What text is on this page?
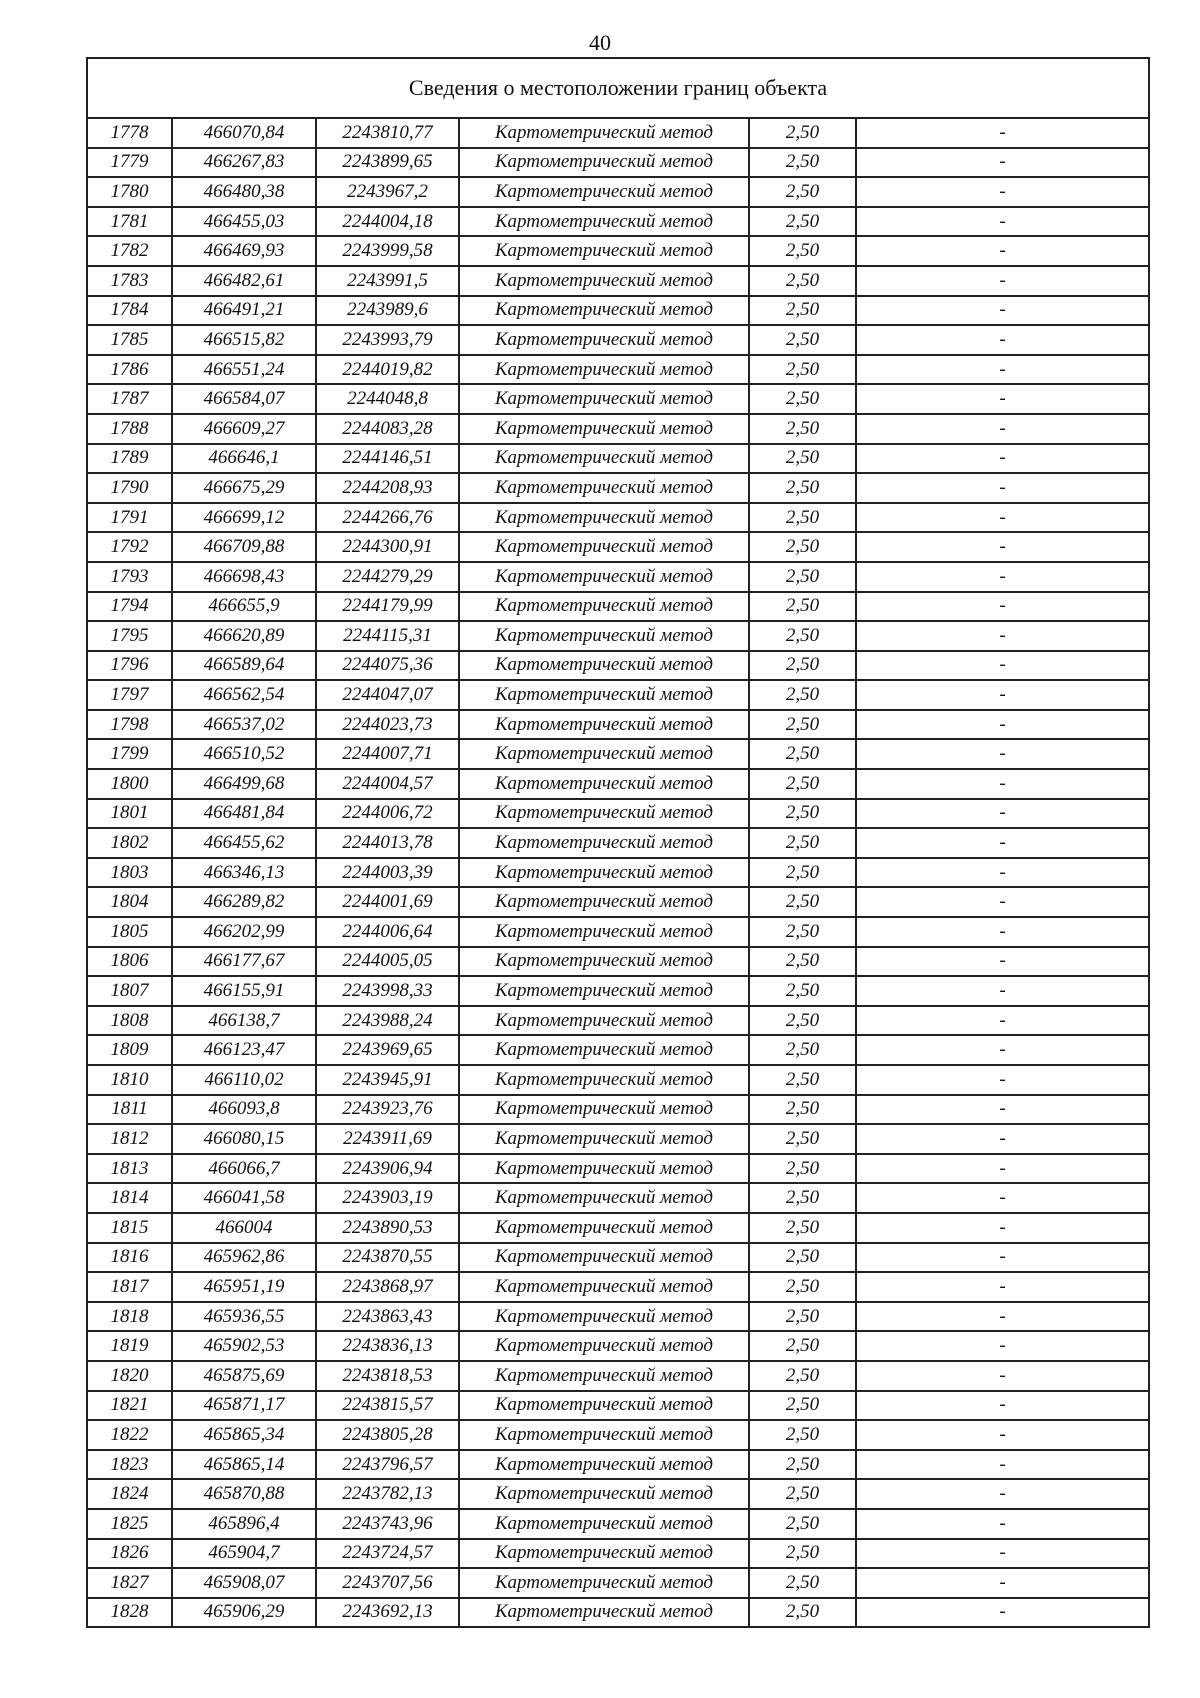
40
Сведения о местоположении границ объекта					
1778	466070,84	2243810,77	Картометрический метод	2,50	-
1779	466267,83	2243899,65	Картометрический метод	2,50	-
1780	466480,38	2243967,2	Картометрический метод	2,50	-
1781	466455,03	2244004,18	Картометрический метод	2,50	-
1782	466469,93	2243999,58	Картометрический метод	2,50	-
1783	466482,61	2243991,5	Картометрический метод	2,50	-
1784	466491,21	2243989,6	Картометрический метод	2,50	-
1785	466515,82	2243993,79	Картометрический метод	2,50	-
1786	466551,24	2244019,82	Картометрический метод	2,50	-
1787	466584,07	2244048,8	Картометрический метод	2,50	-
1788	466609,27	2244083,28	Картометрический метод	2,50	-
1789	466646,1	2244146,51	Картометрический метод	2,50	-
1790	466675,29	2244208,93	Картометрический метод	2,50	-
1791	466699,12	2244266,76	Картометрический метод	2,50	-
1792	466709,88	2244300,91	Картометрический метод	2,50	-
1793	466698,43	2244279,29	Картометрический метод	2,50	-
1794	466655,9	2244179,99	Картометрический метод	2,50	-
1795	466620,89	2244115,31	Картометрический метод	2,50	-
1796	466589,64	2244075,36	Картометрический метод	2,50	-
1797	466562,54	2244047,07	Картометрический метод	2,50	-
1798	466537,02	2244023,73	Картометрический метод	2,50	-
1799	466510,52	2244007,71	Картометрический метод	2,50	-
1800	466499,68	2244004,57	Картометрический метод	2,50	-
1801	466481,84	2244006,72	Картометрический метод	2,50	-
1802	466455,62	2244013,78	Картометрический метод	2,50	-
1803	466346,13	2244003,39	Картометрический метод	2,50	-
1804	466289,82	2244001,69	Картометрический метод	2,50	-
1805	466202,99	2244006,64	Картометрический метод	2,50	-
1806	466177,67	2244005,05	Картометрический метод	2,50	-
1807	466155,91	2243998,33	Картометрический метод	2,50	-
1808	466138,7	2243988,24	Картометрический метод	2,50	-
1809	466123,47	2243969,65	Картометрический метод	2,50	-
1810	466110,02	2243945,91	Картометрический метод	2,50	-
1811	466093,8	2243923,76	Картометрический метод	2,50	-
1812	466080,15	2243911,69	Картометрический метод	2,50	-
1813	466066,7	2243906,94	Картометрический метод	2,50	-
1814	466041,58	2243903,19	Картометрический метод	2,50	-
1815	466004	2243890,53	Картометрический метод	2,50	-
1816	465962,86	2243870,55	Картометрический метод	2,50	-
1817	465951,19	2243868,97	Картометрический метод	2,50	-
1818	465936,55	2243863,43	Картометрический метод	2,50	-
1819	465902,53	2243836,13	Картометрический метод	2,50	-
1820	465875,69	2243818,53	Картометрический метод	2,50	-
1821	465871,17	2243815,57	Картометрический метод	2,50	-
1822	465865,34	2243805,28	Картометрический метод	2,50	-
1823	465865,14	2243796,57	Картометрический метод	2,50	-
1824	465870,88	2243782,13	Картометрический метод	2,50	-
1825	465896,4	2243743,96	Картометрический метод	2,50	-
1826	465904,7	2243724,57	Картометрический метод	2,50	-
1827	465908,07	2243707,56	Картометрический метод	2,50	-
1828	465906,29	2243692,13	Картометрический метод	2,50	-
